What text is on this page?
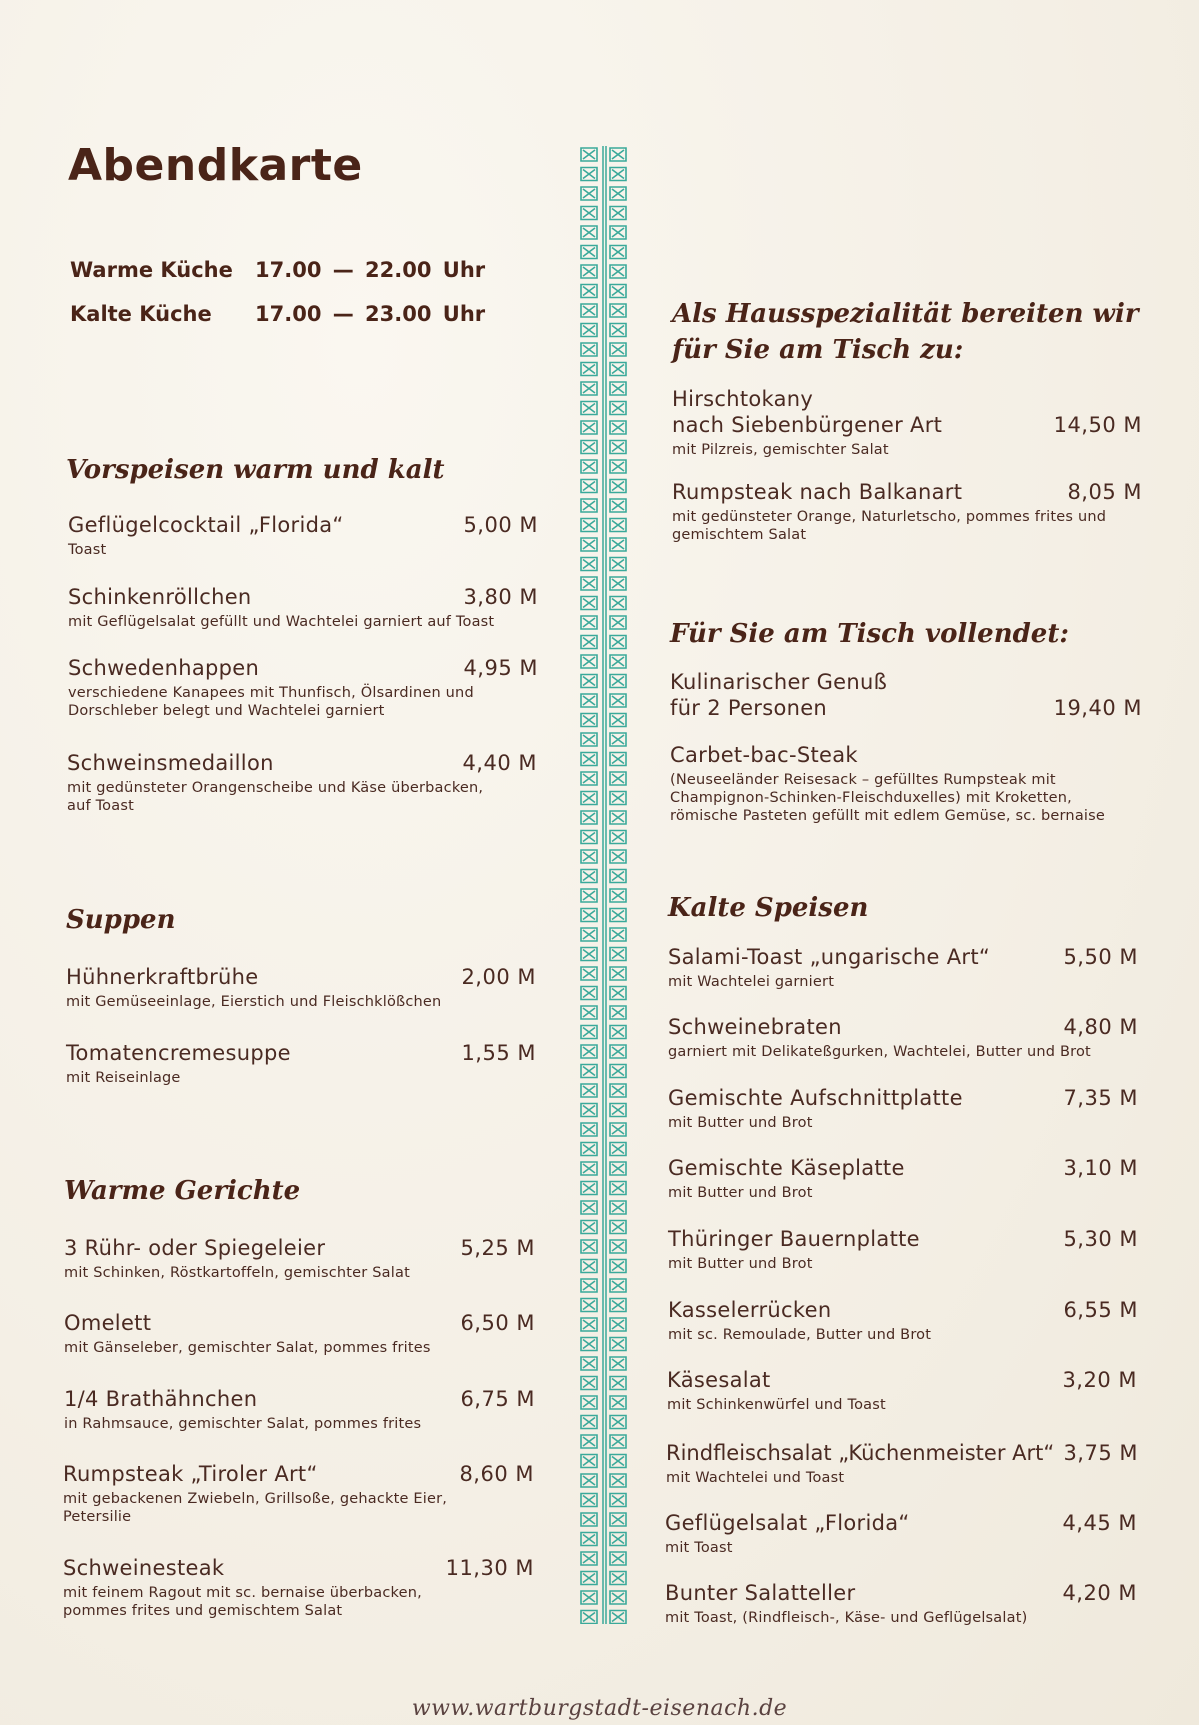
Abendkarte
Warme Küche	17.00 — 22.00 Uhr
Kalte Küche	17.00 — 23.00 Uhr
Vorspeisen warm und kalt
Geflügelcocktail „Florida“	5,00 M
Toast
Schinkenröllchen	3,80 M
mit Geflügelsalat gefüllt und Wachtelei garniert auf Toast
Schwedenhappen	4,95 M
verschiedene Kanapees mit Thunfisch, Ölsardinen und Dorschleber belegt und Wachtelei garniert
Schweinsmedaillon	4,40 M
mit gedünsteter Orangenscheibe und Käse überbacken, auf Toast
Suppen
Hühnerkraftbrühe	2,00 M
mit Gemüseeinlage, Eierstich und Fleischklößchen
Tomatencremesuppe	1,55 M
mit Reiseinlage
Warme Gerichte
3 Rühr- oder Spiegeleier	5,25 M
mit Schinken, Röstkartoffeln, gemischter Salat
Omelett	6,50 M
mit Gänseleber, gemischter Salat, pommes frites
1/4 Brathähnchen	6,75 M
in Rahmsauce, gemischter Salat, pommes frites
Rumpsteak „Tiroler Art“	8,60 M
mit gebackenen Zwiebeln, Grillsoße, gehackte Eier, Petersilie
Schweinesteak	11,30 M
mit feinem Ragout mit sc. bernaise überbacken, pommes frites und gemischtem Salat
Als Hausspezialität bereiten wir für Sie am Tisch zu:
Hirschtokany
nach Siebenbürgener Art	14,50 M
mit Pilzreis, gemischter Salat
Rumpsteak nach Balkanart	8,05 M
mit gedünsteter Orange, Naturletscho, pommes frites und gemischtem Salat
Für Sie am Tisch vollendet:
Kulinarischer Genuß
für 2 Personen	19,40 M
Carbet-bac-Steak
(Neuseeländer Reisesack – gefülltes Rumpsteak mit Champignon-Schinken-Fleischduxelles) mit Kroketten, römische Pasteten gefüllt mit edlem Gemüse, sc. bernaise
Kalte Speisen
Salami-Toast „ungarische Art“	5,50 M
mit Wachtelei garniert
Schweinebraten	4,80 M
garniert mit Delikateßgurken, Wachtelei, Butter und Brot
Gemischte Aufschnittplatte	7,35 M
mit Butter und Brot
Gemischte Käseplatte	3,10 M
mit Butter und Brot
Thüringer Bauernplatte	5,30 M
mit Butter und Brot
Kasselerrücken	6,55 M
mit sc. Remoulade, Butter und Brot
Käsesalat	3,20 M
mit Schinkenwürfel und Toast
Rindfleischsalat „Küchenmeister Art“ 3,75 M
mit Wachtelei und Toast
Geflügelsalat „Florida“	4,45 M
mit Toast
Bunter Salatteller	4,20 M
mit Toast, (Rindfleisch-, Käse- und Geflügelsalat)
www.wartburgstadt-eisenach.de
